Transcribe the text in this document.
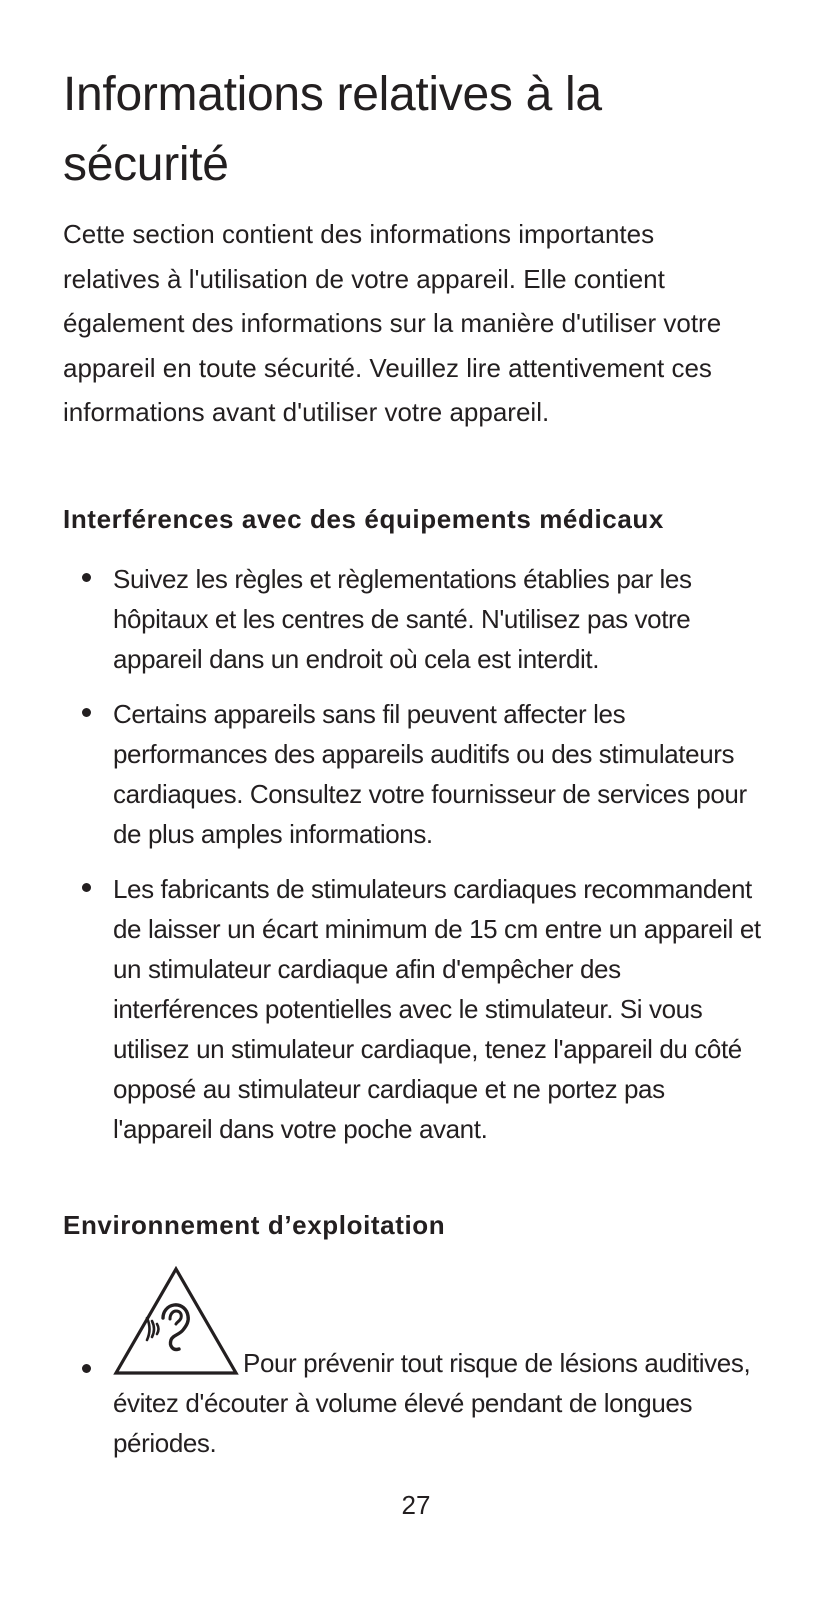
Informations relatives à la sécurité

Cette section contient des informations importantes relatives à l'utilisation de votre appareil. Elle contient également des informations sur la manière d'utiliser votre appareil en toute sécurité. Veuillez lire attentivement ces informations avant d'utiliser votre appareil.

Interférences avec des équipements médicaux
Suivez les règles et règlementations établies par les hôpitaux et les centres de santé. N'utilisez pas votre appareil dans un endroit où cela est interdit.
Certains appareils sans fil peuvent affecter les performances des appareils auditifs ou des stimulateurs cardiaques. Consultez votre fournisseur de services pour de plus amples informations.
Les fabricants de stimulateurs cardiaques recommandent de laisser un écart minimum de 15 cm entre un appareil et un stimulateur cardiaque afin d'empêcher des interférences potentielles avec le stimulateur. Si vous utilisez un stimulateur cardiaque, tenez l'appareil du côté opposé au stimulateur cardiaque et ne portez pas l'appareil dans votre poche avant.
Environnement d’exploitation
Pour prévenir tout risque de lésions auditives, évitez d'écouter à volume élevé pendant de longues périodes.
27
